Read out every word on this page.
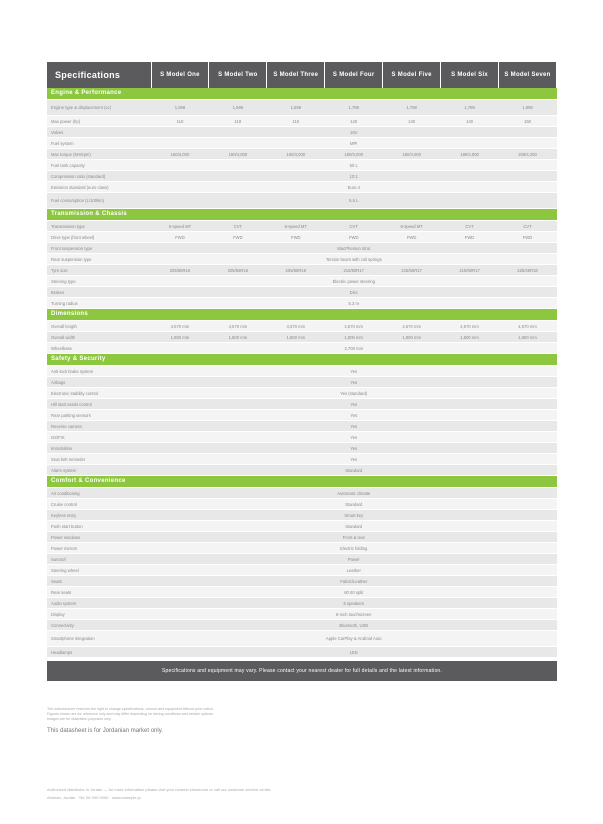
Specifications	S Model One	S Model Two	S Model Three	S Model Four	S Model Five	S Model Six	S Model Seven
Engine & Performance							
Engine type & displacement (cc)	1,598	1,598	1,598	1,798	1,798	1,798	1,998
Max power (hp)	110	110	110	140	140	140	150
Valves	16V						
Fuel system	MPI						
Max torque (Nm/rpm)	150/4,000	150/4,000	150/4,000	180/4,000	180/4,000	180/4,000	200/4,200
Fuel tank capacity	50 L						
Compression ratio (standard)	10:1						
Emission standard (euro class)	Euro 4						
Fuel consumption (L/100km)	6.5 L						
Transmission & Chassis							
Transmission type	6-speed MT	CVT	6-speed MT	CVT	6-speed MT	CVT	CVT
Drive type (front wheel)	FWD	FWD	FWD	FWD	FWD	FWD	FWD
Front suspension type	MacPherson strut						
Rear suspension type	Torsion beam with coil springs						
Tyre size	205/55R16	205/55R16	205/55R16	215/50R17	215/50R17	215/50R17	225/45R18
Steering type	Electric power steering						
Brakes	Disc						
Turning radius	5.3 m						
Dimensions							
Overall length	4,570 mm	4,570 mm	4,570 mm	4,570 mm	4,570 mm	4,570 mm	4,570 mm
Overall width	1,800 mm	1,800 mm	1,800 mm	1,800 mm	1,800 mm	1,800 mm	1,800 mm
Wheelbase	2,700 mm						
Safety & Security							
Anti-lock brake system	Yes						
Airbags	Yes						
Electronic stability control	Yes (standard)						
Hill start assist control	Yes						
Rear parking sensors	Yes						
Reverse camera	Yes						
ISOFIX	Yes						
Immobilizer	Yes						
Seat belt reminder	Yes						
Alarm system	Standard						
Comfort & Convenience							
Air conditioning	Automatic climate						
Cruise control	Standard						
Keyless entry	Smart key						
Push start button	Standard						
Power windows	Front & rear						
Power mirrors	Electric folding						
Sunroof	Power						
Steering wheel	Leather						
Seats	Fabric/Leather						
Rear seats	60:40 split						
Audio system	6 speakers						
Display	8-inch touchscreen						
Connectivity	Bluetooth, USB						
Smartphone integration	Apple CarPlay & Android Auto						
Headlamps	LED						
Specifications and equipment may vary. Please contact your nearest dealer for full details and the latest information.
The manufacturer reserves the right to change specifications, colours and equipment without prior notice.
Figures shown are for reference only and may differ depending on driving conditions and vehicle options.
Images are for illustration purposes only.
This datasheet is for Jordanian market only.
Authorized distributor in Jordan — for more information please visit your nearest showroom or call our customer service center.
Amman, Jordan · Tel: 06 000 0000 · www.example.jo
